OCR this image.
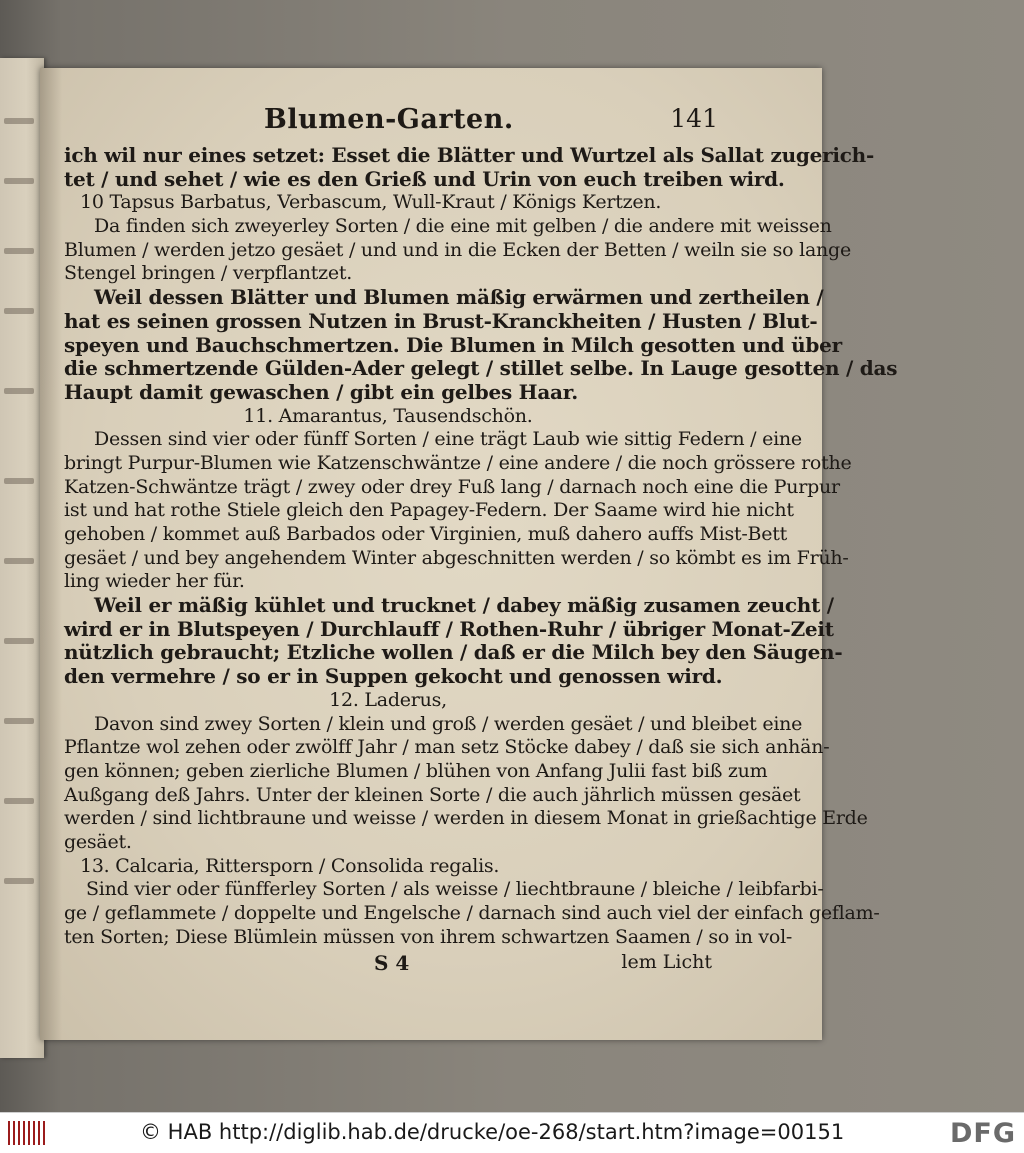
Blumen-Garten.	141
ich wil nur eines setzet: Esset die Blätter und Wurtzel als Sallat zugerich-
tet / und sehet / wie es den Grieß und Urin von euch treiben wird.
10 Tapsus Barbatus, Verbascum, Wull-Kraut / Königs Kertzen.
Da finden sich zweyerley Sorten / die eine mit gelben / die andere mit weissen
Blumen / werden jetzo gesäet / und und in die Ecken der Betten / weiln sie so lange
Stengel bringen / verpflantzet.
Weil dessen Blätter und Blumen mäßig erwärmen und zertheilen /
hat es seinen grossen Nutzen in Brust-Kranckheiten / Husten / Blut-
speyen und Bauchschmertzen. Die Blumen in Milch gesotten und über
die schmertzende Gülden-Ader gelegt / stillet selbe. In Lauge gesotten / das
Haupt damit gewaschen / gibt ein gelbes Haar.
11. Amarantus, Tausendschön.
Dessen sind vier oder fünff Sorten / eine trägt Laub wie sittig Federn / eine
bringt Purpur-Blumen wie Katzenschwäntze / eine andere / die noch grössere rothe
Katzen-Schwäntze trägt / zwey oder drey Fuß lang / darnach noch eine die Purpur
ist und hat rothe Stiele gleich den Papagey-Federn. Der Saame wird hie nicht
gehoben / kommet auß Barbados oder Virginien, muß dahero auffs Mist-Bett
gesäet / und bey angehendem Winter abgeschnitten werden / so kömbt es im Früh-
ling wieder her für.
Weil er mäßig kühlet und trucknet / dabey mäßig zusamen zeucht /
wird er in Blutspeyen / Durchlauff / Rothen-Ruhr / übriger Monat-Zeit
nützlich gebraucht; Etzliche wollen / daß er die Milch bey den Säugen-
den vermehre / so er in Suppen gekocht und genossen wird.
12. Laderus,
Davon sind zwey Sorten / klein und groß / werden gesäet / und bleibet eine
Pflantze wol zehen oder zwölff Jahr / man setz Stöcke dabey / daß sie sich anhän-
gen können; geben zierliche Blumen / blühen von Anfang Julii fast biß zum
Außgang deß Jahrs. Unter der kleinen Sorte / die auch jährlich müssen gesäet
werden / sind lichtbraune und weisse / werden in diesem Monat in grießachtige Erde
gesäet.
13. Calcaria, Rittersporn / Consolida regalis.
Sind vier oder fünfferley Sorten / als weisse / liechtbraune / bleiche / leibfarbi-
ge / geflammete / doppelte und Engelsche / darnach sind auch viel der einfach geflam-
ten Sorten; Diese Blümlein müssen von ihrem schwartzen Saamen / so in vol-
S 4	lem Licht
© HAB http://diglib.hab.de/drucke/oe-268/start.htm?image=00151	DFG
